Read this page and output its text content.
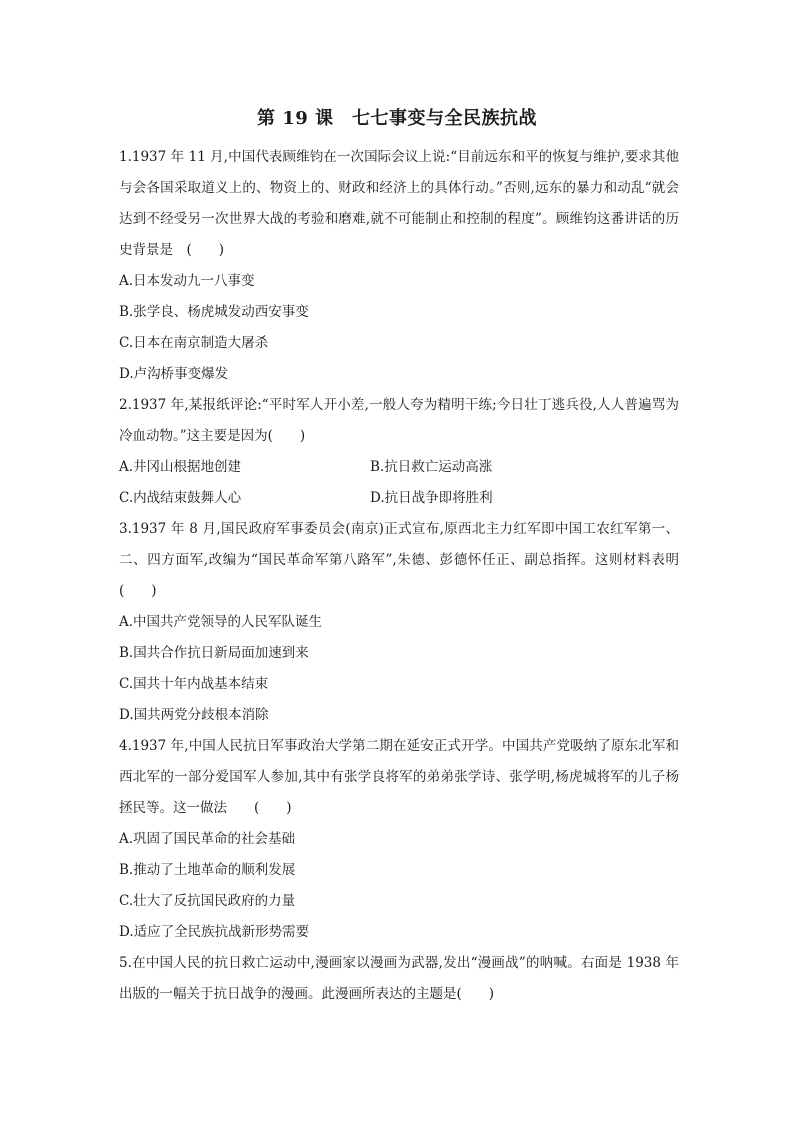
第 19 课　七七事变与全民族抗战
1.1937 年 11 月,中国代表顾维钧在一次国际会议上说:“目前远东和平的恢复与维护,要求其他与会各国采取道义上的、物资上的、财政和经济上的具体行动。”否则,远东的暴力和动乱“就会达到不经受另一次世界大战的考验和磨难,就不可能制止和控制的程度”。顾维钧这番讲话的历史背景是　(　　)
A.日本发动九一八事变
B.张学良、杨虎城发动西安事变
C.日本在南京制造大屠杀
D.卢沟桥事变爆发
2.1937 年,某报纸评论:“平时军人开小差,一般人夸为精明干练;今日壮丁逃兵役,人人普遍骂为冷血动物。”这主要是因为(　　)
A.井冈山根据地创建	B.抗日救亡运动高涨
C.内战结束鼓舞人心	D.抗日战争即将胜利
3.1937 年 8 月,国民政府军事委员会(南京)正式宣布,原西北主力红军即中国工农红军第一、二、四方面军,改编为“国民革命军第八路军”,朱德、彭德怀任正、副总指挥。这则材料表明　(　　)
A.中国共产党领导的人民军队诞生
B.国共合作抗日新局面加速到来
C.国共十年内战基本结束
D.国共两党分歧根本消除
4.1937 年,中国人民抗日军事政治大学第二期在延安正式开学。中国共产党吸纳了原东北军和西北军的一部分爱国军人参加,其中有张学良将军的弟弟张学诗、张学明,杨虎城将军的儿子杨拯民等。这一做法　　(　　)
A.巩固了国民革命的社会基础
B.推动了土地革命的顺利发展
C.壮大了反抗国民政府的力量
D.适应了全民族抗战新形势需要
5.在中国人民的抗日救亡运动中,漫画家以漫画为武器,发出“漫画战”的呐喊。右面是 1938 年出版的一幅关于抗日战争的漫画。此漫画所表达的主题是(　　)
